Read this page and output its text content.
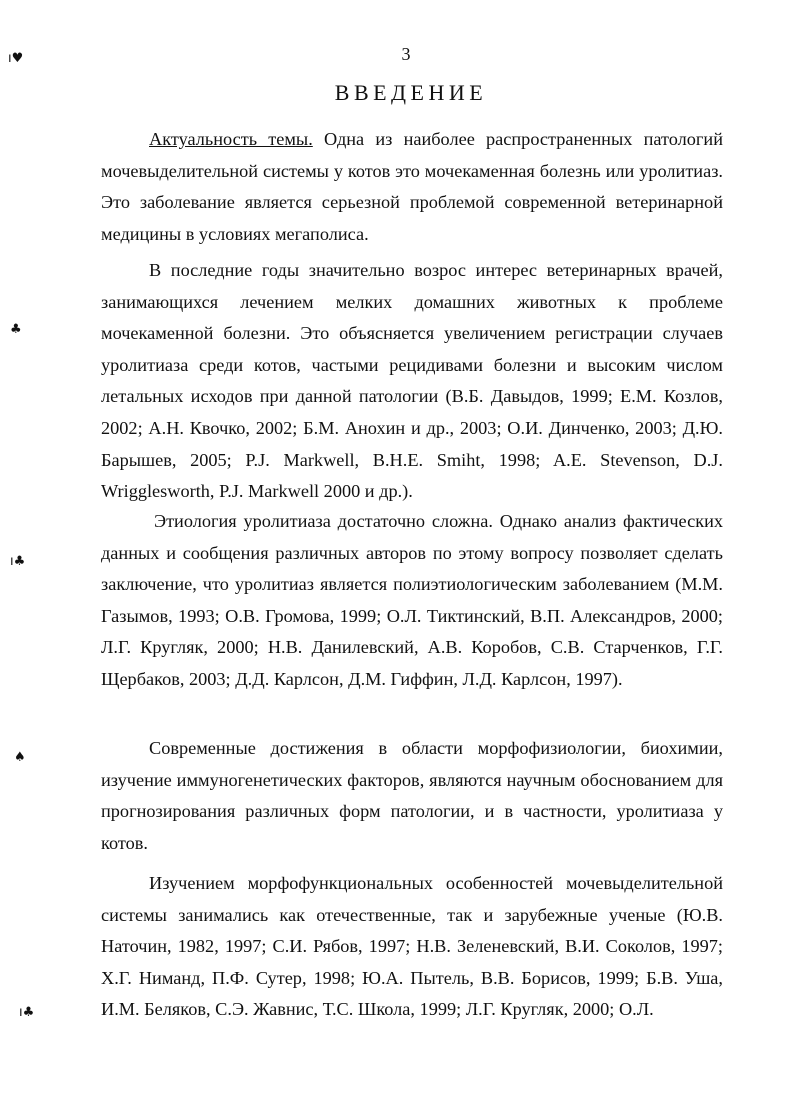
ı♥
♣
ı♣
♠
ı♣
3
ВВЕДЕНИЕ

Актуальность темы. Одна из наиболее распространенных патологий мочевыделительной системы у котов это мочекаменная болезнь или уролитиаз. Это заболевание является серьезной проблемой современной ветеринарной медицины в условиях мегаполиса.

В последние годы значительно возрос интерес ветеринарных врачей, занимающихся лечением мелких домашних животных к проблеме мочекаменной болезни. Это объясняется увеличением регистрации случаев уролитиаза среди котов, частыми рецидивами болезни и высоким числом летальных исходов при данной патологии (В.Б. Давыдов, 1999; Е.М. Козлов, 2002; А.Н. Квочко, 2002; Б.М. Анохин и др., 2003; О.И. Динченко, 2003; Д.Ю. Барышев, 2005; P.J. Markwell, B.H.E. Smiht, 1998; A.E. Stevenson, D.J. Wrigglesworth, P.J. Markwell 2000 и др.).

Этиология уролитиаза достаточно сложна. Однако анализ фактических данных и сообщения различных авторов по этому вопросу позволяет сделать заключение, что уролитиаз является полиэтиологическим заболеванием (М.М. Газымов, 1993; О.В. Громова, 1999; О.Л. Тиктинский, В.П. Александров, 2000; Л.Г. Кругляк, 2000; Н.В. Данилевский, А.В. Коробов, С.В. Старченков, Г.Г. Щербаков, 2003; Д.Д. Карлсон, Д.М. Гиффин, Л.Д. Карлсон, 1997).

Современные достижения в области морфофизиологии, биохимии, изучение иммуногенетических факторов, являются научным обоснованием для прогнозирования различных форм патологии, и в частности, уролитиаза у котов.

Изучением морфофункциональных особенностей мочевыделительной системы занимались как отечественные, так и зарубежные ученые (Ю.В. Наточин, 1982, 1997; С.И. Рябов, 1997; Н.В. Зеленевский, В.И. Соколов, 1997; Х.Г. Ниманд, П.Ф. Сутер, 1998; Ю.А. Пытель, В.В. Борисов, 1999; Б.В. Уша, И.М. Беляков, С.Э. Жавнис, Т.С. Школа, 1999; Л.Г. Кругляк, 2000; О.Л.
